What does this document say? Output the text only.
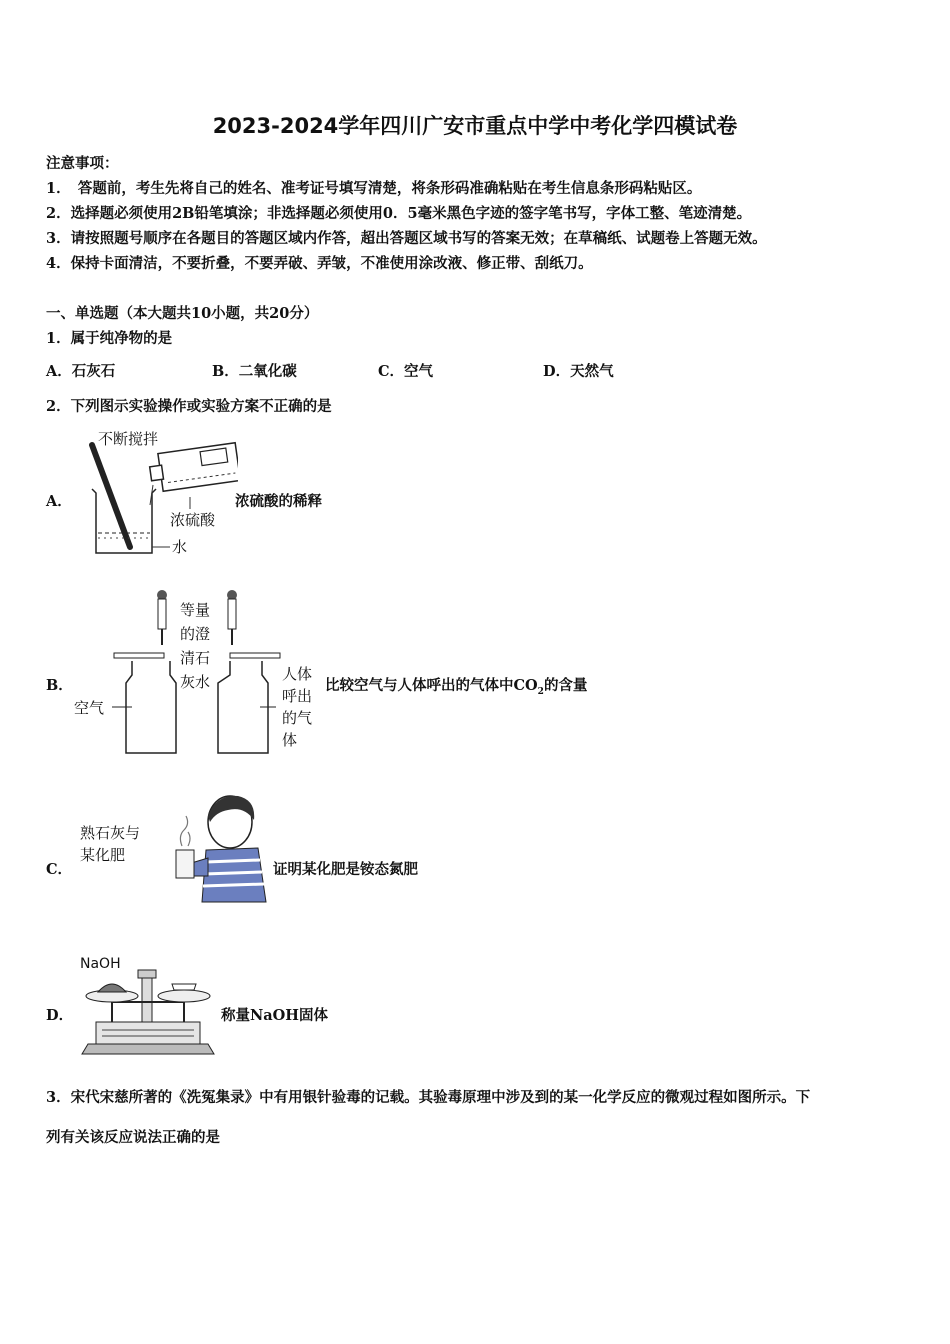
2023-2024学年四川广安市重点中学中考化学四模试卷
注意事项：
1．　答题前，考生先将自己的姓名、准考证号填写清楚，将条形码准确粘贴在考生信息条形码粘贴区。
2．选择题必须使用2B铅笔填涂；非选择题必须使用0．5毫米黑色字迹的签字笔书写，字体工整、笔迹清楚。
3．请按照题号顺序在各题目的答题区域内作答，超出答题区域书写的答案无效；在草稿纸、试题卷上答题无效。
4．保持卡面清洁，不要折叠，不要弄破、弄皱，不准使用涂改液、修正带、刮纸刀。
一、单选题（本大题共10小题，共20分）
1．属于纯净物的是
A．石灰石	B．二氧化碳	C．空气	D．天然气
2．下列图示实验操作或实验方案不正确的是
A．
不断搅拌
浓硫酸
水
浓硫酸的稀释
B．
等量
的澄
清石
灰水
空气
人体
呼出
的气
体
比较空气与人体呼出的气体中$CO_2$的含量
C．
熟石灰与
某化肥
证明某化肥是铵态氮肥
D．
NaOH
称量NaOH固体
3．宋代宋慈所著的《洗冤集录》中有用银针验毒的记载。其验毒原理中涉及到的某一化学反应的微观过程如图所示。下
列有关该反应说法正确的是
